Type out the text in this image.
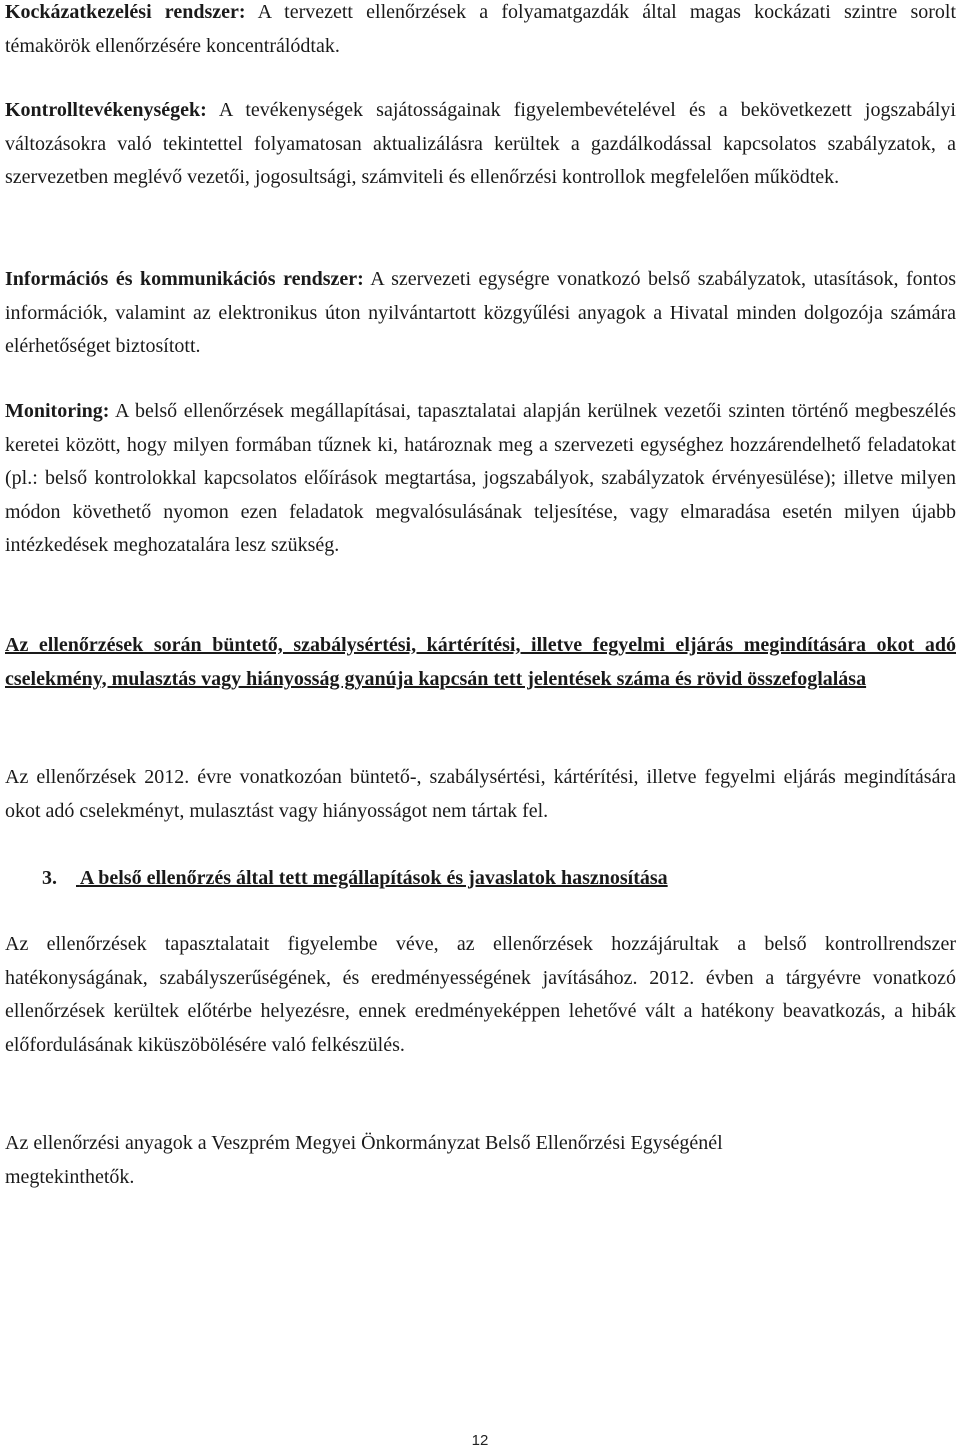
Kockázatkezelési rendszer: A tervezett ellenőrzések a folyamatgazdák által magas kockázati szintre sorolt témakörök ellenőrzésére koncentrálódtak.

Kontrolltevékenységek: A tevékenységek sajátosságainak figyelembevételével és a bekövetkezett jogszabályi változásokra való tekintettel folyamatosan aktualizálásra kerültek a gazdálkodással kapcsolatos szabályzatok, a szervezetben meglévő vezetői, jogosultsági, számviteli és ellenőrzési kontrollok megfelelően működtek.

Információs és kommunikációs rendszer: A szervezeti egységre vonatkozó belső szabályzatok, utasítások, fontos információk, valamint az elektronikus úton nyilvántartott közgyűlési anyagok a Hivatal minden dolgozója számára elérhetőséget biztosított.

Monitoring: A belső ellenőrzések megállapításai, tapasztalatai alapján kerülnek vezetői szinten történő megbeszélés keretei között, hogy milyen formában tűznek ki, határoznak meg a szervezeti egységhez hozzárendelhető feladatokat (pl.: belső kontrolokkal kapcsolatos előírások megtartása, jogszabályok, szabályzatok érvényesülése); illetve milyen módon követhető nyomon ezen feladatok megvalósulásának teljesítése, vagy elmaradása esetén milyen újabb intézkedések meghozatalára lesz szükség.

Az ellenőrzések során büntető, szabálysértési, kártérítési, illetve fegyelmi eljárás megindítására okot adó cselekmény, mulasztás vagy hiányosság gyanúja kapcsán tett jelentések száma és rövid összefoglalása

Az ellenőrzések 2012. évre vonatkozóan büntető-, szabálysértési, kártérítési, illetve fegyelmi eljárás megindítására okot adó cselekményt, mulasztást vagy hiányosságot nem tártak fel.

3. A belső ellenőrzés által tett megállapítások és javaslatok hasznosítása

Az ellenőrzések tapasztalatait figyelembe véve, az ellenőrzések hozzájárultak a belső kontrollrendszer hatékonyságának, szabályszerűségének, és eredményességének javításához. 2012. évben a tárgyévre vonatkozó ellenőrzések kerültek előtérbe helyezésre, ennek eredményeképpen lehetővé vált a hatékony beavatkozás, a hibák előfordulásának kiküszöbölésére való felkészülés.

Az ellenőrzési anyagok a Veszprém Megyei Önkormányzat Belső Ellenőrzési Egységénél
megtekinthetők.

12
